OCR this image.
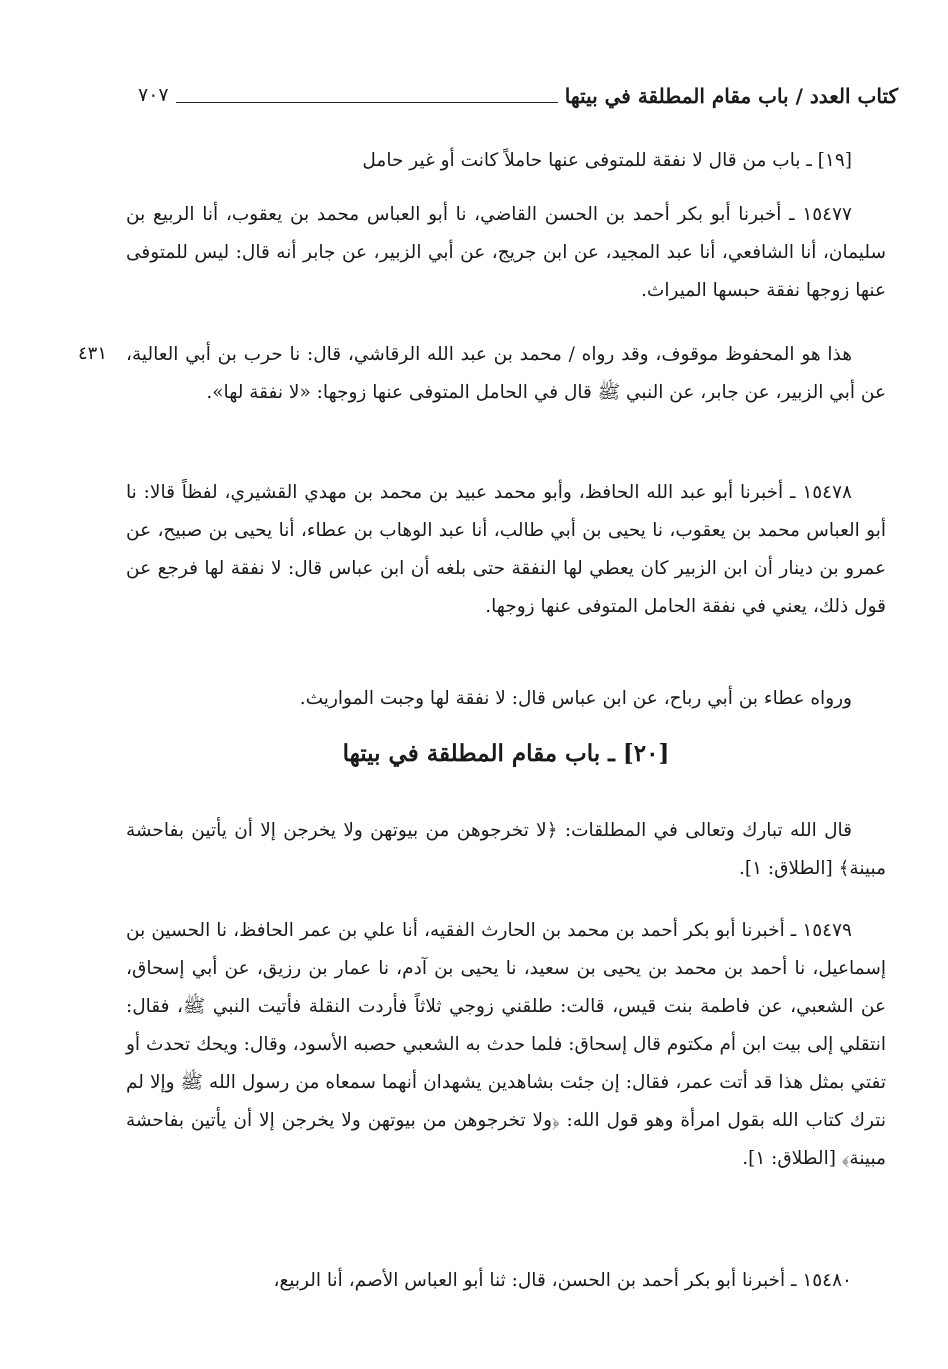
كتاب العدد / باب مقام المطلقة في بيتها
٧٠٧
[١٩] ـ باب من قال لا نفقة للمتوفى عنها حاملاً كانت أو غير حامل
١٥٤٧٧ ـ أخبرنا أبو بكر أحمد بن الحسن القاضي، نا أبو العباس محمد بن يعقوب، أنا الربيع بن سليمان، أنا الشافعي، أنا عبد المجيد، عن ابن جريج، عن أبي الزبير، عن جابر أنه قال: ليس للمتوفى عنها زوجها نفقة حبسها الميراث.
٤٣١ هذا هو المحفوظ موقوف، وقد رواه / محمد بن عبد الله الرقاشي، قال: نا حرب بن أبي العالية، عن أبي الزبير، عن جابر، عن النبي ﷺ قال في الحامل المتوفى عنها زوجها: «لا نفقة لها».
١٥٤٧٨ ـ أخبرنا أبو عبد الله الحافظ، وأبو محمد عبيد بن محمد بن مهدي القشيري، لفظاً قالا: نا أبو العباس محمد بن يعقوب، نا يحيى بن أبي طالب، أنا عبد الوهاب بن عطاء، أنا يحيى بن صبيح، عن عمرو بن دينار أن ابن الزبير كان يعطي لها النفقة حتى بلغه أن ابن عباس قال: لا نفقة لها فرجع عن قول ذلك، يعني في نفقة الحامل المتوفى عنها زوجها.
ورواه عطاء بن أبي رباح، عن ابن عباس قال: لا نفقة لها وجبت المواريث.
[٢٠] ـ باب مقام المطلقة في بيتها
قال الله تبارك وتعالى في المطلقات: ﴿لا تخرجوهن من بيوتهن ولا يخرجن إلا أن يأتين بفاحشة مبينة﴾ [الطلاق: ١].
١٥٤٧٩ ـ أخبرنا أبو بكر أحمد بن محمد بن الحارث الفقيه، أنا علي بن عمر الحافظ، نا الحسين بن إسماعيل، نا أحمد بن محمد بن يحيى بن سعيد، نا يحيى بن آدم، نا عمار بن رزيق، عن أبي إسحاق، عن الشعبي، عن فاطمة بنت قيس، قالت: طلقني زوجي ثلاثاً فأردت النقلة فأتيت النبي ﷺ، فقال: انتقلي إلى بيت ابن أم مكتوم قال إسحاق: فلما حدث به الشعبي حصبه الأسود، وقال: ويحك تحدث أو تفتي بمثل هذا قد أتت عمر، فقال: إن جئت بشاهدين يشهدان أنهما سمعاه من رسول الله ﷺ وإلا لم نترك كتاب الله بقول امرأة وهو قول الله: ﴿ولا تخرجوهن من بيوتهن ولا يخرجن إلا أن يأتين بفاحشة مبينة﴾ [الطلاق: ١].
١٥٤٨٠ ـ أخبرنا أبو بكر أحمد بن الحسن، قال: ثنا أبو العباس الأصم، أنا الربيع،
